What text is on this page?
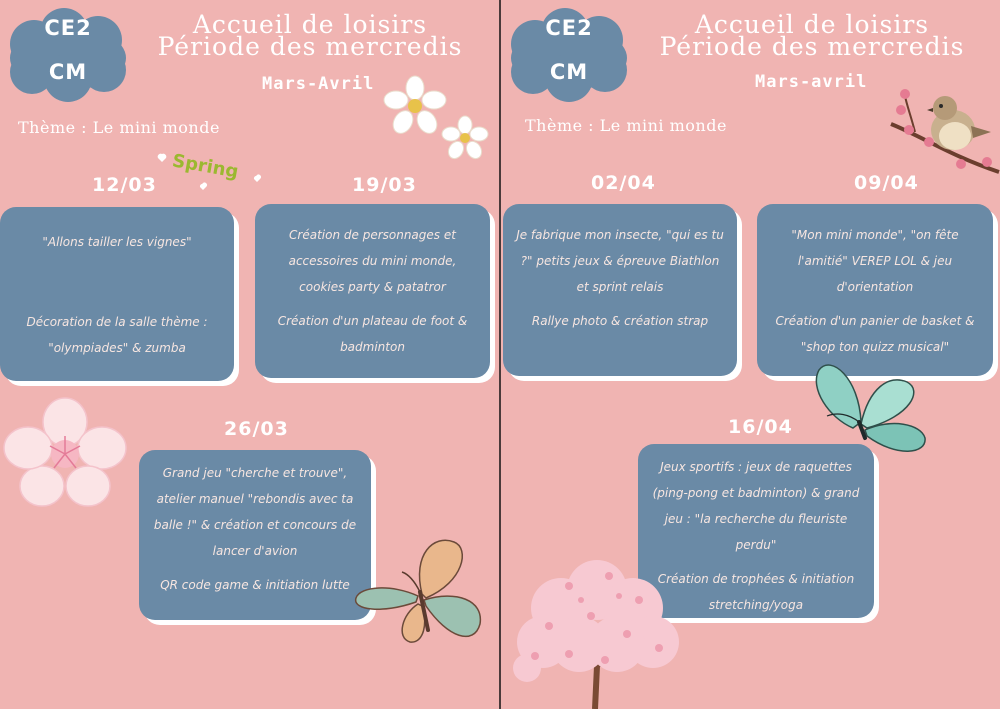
CE2
CM
Accueil de loisirs
Période des mercredis
Mars-Avril
Thème : Le mini monde
Spring
12/03	19/03
26/03

"Allons tailler les vignes"

Décoration de la salle thème : "olympiades" & zumba

Création de personnages et accessoires du mini monde, cookies party & patatror

Création d'un plateau de foot & badminton

Grand jeu "cherche et trouve", atelier manuel "rebondis avec ta balle !" & création et concours de lancer d'avion

QR code game & initiation lutte

CE2
CM
Accueil de loisirs
Période des mercredis
Mars-avril
Thème : Le mini monde
02/04	09/04
16/04

Je fabrique mon insecte, "qui es tu ?" petits jeux & épreuve Biathlon et sprint relais

Rallye photo & création strap

"Mon mini monde", "on fête l'amitié" VEREP LOL & jeu d'orientation

Création d'un panier de basket & "shop ton quizz musical"

Jeux sportifs : jeux de raquettes (ping-pong et badminton) & grand jeu : "la recherche du fleuriste perdu"

Création de trophées & initiation stretching/yoga
